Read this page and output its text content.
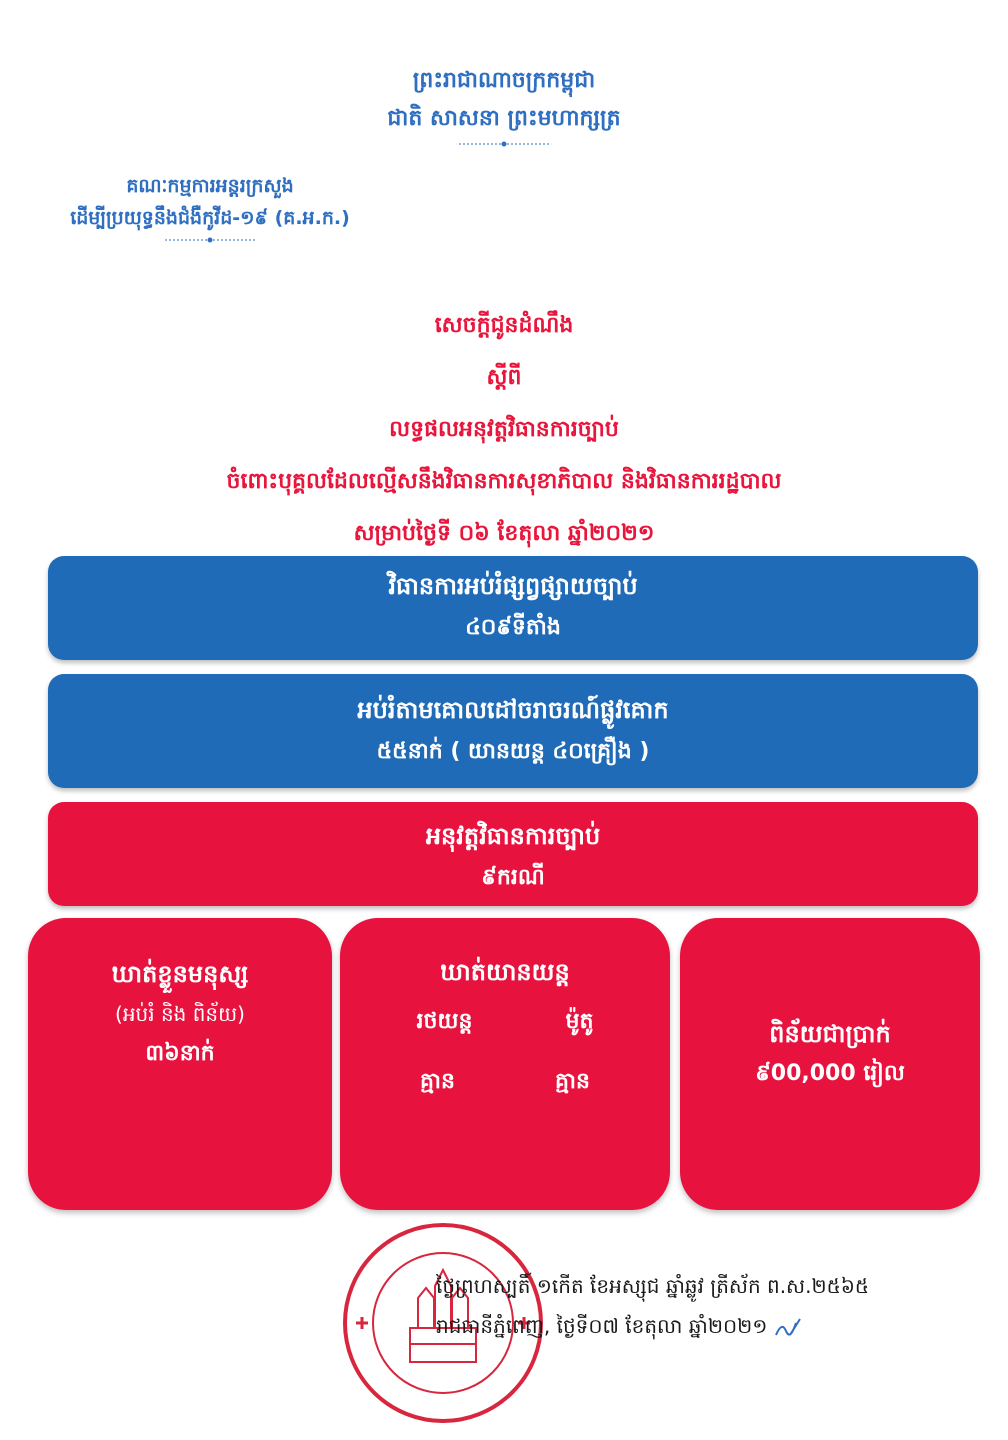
ព្រះរាជាណាចក្រកម្ពុជា
ជាតិ សាសនា ព្រះមហាក្សត្រ
គណៈកម្មការអន្តរក្រសួង
ដើម្បីប្រយុទ្ធនឹងជំងឺកូវីដ-១៩ (គ.អ.ក.)
សេចក្តីជូនដំណឹង
ស្តីពី
លទ្ធផលអនុវត្តវិធានការច្បាប់
ចំពោះបុគ្គលដែលល្មើសនឹងវិធានការសុខាភិបាល និងវិធានការរដ្ឋបាល
សម្រាប់ថ្ងៃទី ០៦ ខែតុលា ឆ្នាំ២០២១
វិធានការអប់រំផ្សព្វផ្សាយច្បាប់
៤០៩ទីតាំង
អប់រំតាមគោលដៅចរាចរណ៍ផ្លូវគោក
៥៥នាក់ ( យានយន្ត ៤០គ្រឿង )
អនុវត្តវិធានការច្បាប់
៩ករណី
ឃាត់ខ្លួនមនុស្ស
(អប់រំ និង ពិន័យ)
៣៦នាក់
ឃាត់យានយន្ត
រថយន្ត	ម៉ូតូ
គ្មាន	គ្មាន
ពិន័យជាប្រាក់
៩00,000 រៀល
ថ្ងៃព្រហស្បតិ៍ ១កើត ខែអស្សុជ ឆ្នាំឆ្លូវ ត្រីស័ក ព.ស.២៥៦៥
រាជធានីភ្នំពេញ, ថ្ងៃទី០៧ ខែតុលា ឆ្នាំ២០២១
